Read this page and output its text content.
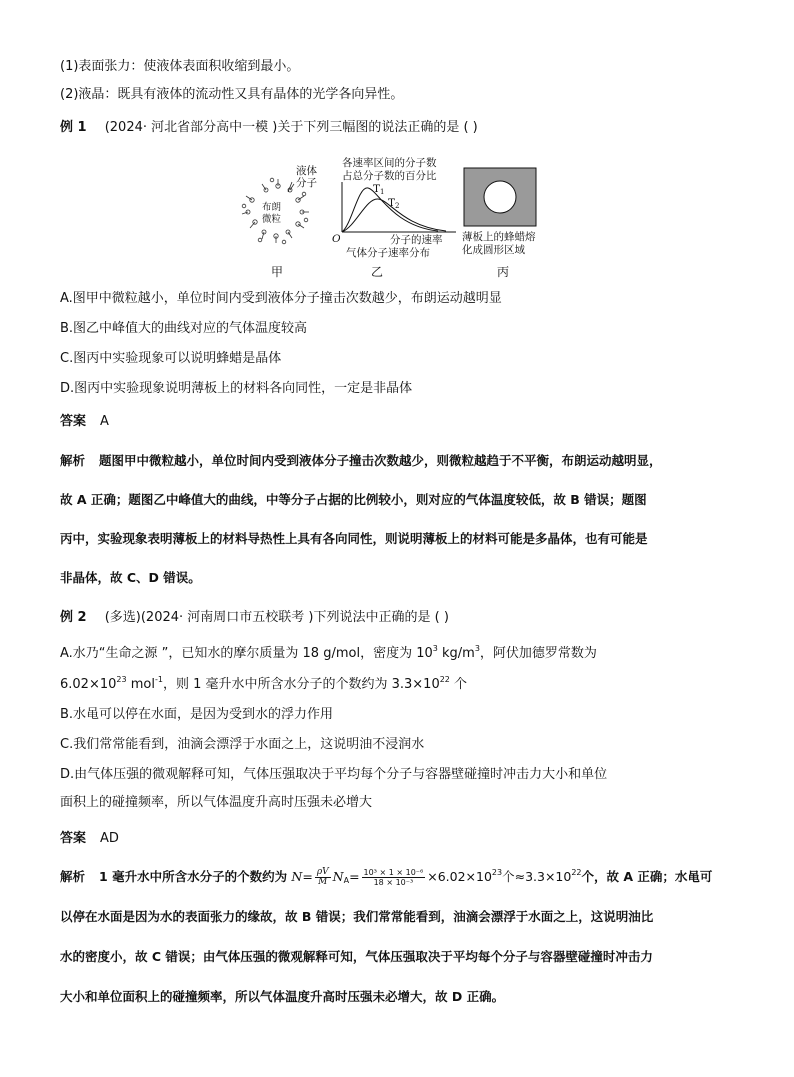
(1)表面张力：使液体表面积收缩到最小。
(2)液晶：既具有液体的流动性又具有晶体的光学各向异性。
例 1 (2024· 河北省部分高中一模 )关于下列三幅图的说法正确的是 ( )
液体
分子
布朗
微粒
甲
各速率区间的分子数
占总分子数的百分比
T1
T2
O	分子的速率
气体分子速率分布
乙
薄板上的蜂蜡熔
化成圆形区域
丙
A.图甲中微粒越小，单位时间内受到液体分子撞击次数越少，布朗运动越明显
B.图乙中峰值大的曲线对应的气体温度较高
C.图丙中实验现象可以说明蜂蜡是晶体
D.图丙中实验现象说明薄板上的材料各向同性，一定是非晶体
答案 A
解析 题图甲中微粒越小，单位时间内受到液体分子撞击次数越少，则微粒越趋于不平衡，布朗运动越明显，
故 A 正确；题图乙中峰值大的曲线，中等分子占据的比例较小，则对应的气体温度较低，故 B 错误；题图
丙中，实验现象表明薄板上的材料导热性上具有各向同性，则说明薄板上的材料可能是多晶体，也有可能是
非晶体，故 C、D 错误。
例 2 (多选)(2024· 河南周口市五校联考 )下列说法中正确的是 ( )
A.水乃“生命之源 ”，已知水的摩尔质量为 18 g/mol，密度为 $10^3$ $kg/m^3$，阿伏加德罗常数为
$6.02\times 10^{23}$ mol$^{-1}$，则 1 毫升水中所含水分子的个数约为 $3.3\times 10^{22}$ 个
B.水黾可以停在水面，是因为受到水的浮力作用
C.我们常常能看到，油滴会漂浮于水面之上，这说明油不浸润水
D.由气体压强的微观解释可知，气体压强取决于平均每个分子与容器壁碰撞时冲击力大小和单位
面积上的碰撞频率，所以气体温度升高时压强未必增大
答案 AD
解析 1 毫升水中所含水分子的个数约为 $N= \frac{\rho V}{M} N_A= \frac{\text{10³ × 1 × 10⁻⁶}}{\text{18 × 10⁻³}} \times 6.02\times 10^{23}$个$\approx 3.3\times 10^{22}$个，故 A 正确；水黾可
以停在水面是因为水的表面张力的缘故，故 B 错误；我们常常能看到，油滴会漂浮于水面之上，这说明油比
水的密度小，故 C 错误；由气体压强的微观解释可知，气体压强取决于平均每个分子与容器壁碰撞时冲击力
大小和单位面积上的碰撞频率，所以气体温度升高时压强未必增大，故 D 正确。
